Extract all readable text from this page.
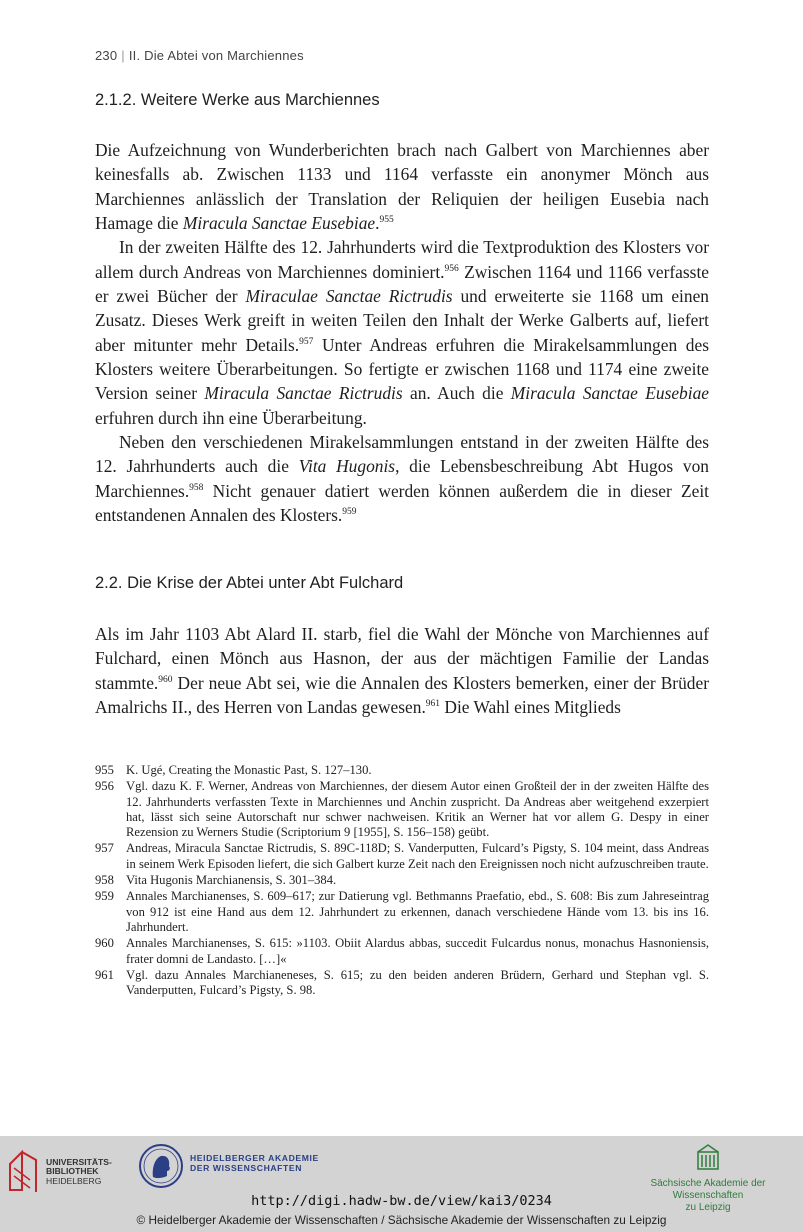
230 | II. Die Abtei von Marchiennes
2.1.2. Weitere Werke aus Marchiennes

Die Aufzeichnung von Wunderberichten brach nach Galbert von Marchiennes aber keinesfalls ab. Zwischen 1133 und 1164 verfasste ein anonymer Mönch aus Marchiennes anlässlich der Translation der Reliquien der heiligen Eusebia nach Hamage die Miracula Sanctae Eusebiae.$^{955}$

In der zweiten Hälfte des 12. Jahrhunderts wird die Textproduktion des Klosters vor allem durch Andreas von Marchiennes dominiert.$^{956}$ Zwischen 1164 und 1166 verfasste er zwei Bücher der Miraculae Sanctae Rictrudis und erweiterte sie 1168 um einen Zusatz. Dieses Werk greift in weiten Teilen den Inhalt der Werke Galberts auf, liefert aber mitunter mehr Details.$^{957}$ Unter Andreas erfuhren die Mirakelsammlungen des Klosters weitere Überarbeitungen. So fertigte er zwischen 1168 und 1174 eine zweite Version seiner Miracula Sanctae Rictrudis an. Auch die Miracula Sanctae Eusebiae erfuhren durch ihn eine Überarbeitung.

Neben den verschiedenen Mirakelsammlungen entstand in der zweiten Hälfte des 12. Jahrhunderts auch die Vita Hugonis, die Lebensbeschreibung Abt Hugos von Marchiennes.$^{958}$ Nicht genauer datiert werden können außerdem die in dieser Zeit entstandenen Annalen des Klosters.$^{959}$

2.2. Die Krise der Abtei unter Abt Fulchard

Als im Jahr 1103 Abt Alard II. starb, fiel die Wahl der Mönche von Marchiennes auf Fulchard, einen Mönch aus Hasnon, der aus der mächtigen Familie der Landas stammte.$^{960}$ Der neue Abt sei, wie die Annalen des Klosters bemerken, einer der Brüder Amalrichs II., des Herren von Landas gewesen.$^{961}$ Die Wahl eines Mitglieds

955 K. Ugé, Creating the Monastic Past, S. 127–130.
956 Vgl. dazu K. F. Werner, Andreas von Marchiennes, der diesem Autor einen Großteil der in der zweiten Hälfte des 12. Jahrhunderts verfassten Texte in Marchiennes und Anchin zuspricht. Da Andreas aber weitgehend exzerpiert hat, lässt sich seine Autorschaft nur schwer nachweisen. Kritik an Werner hat vor allem G. Despy in einer Rezension zu Werners Studie (Scriptorium 9 [1955], S. 156–158) geübt.
957 Andreas, Miracula Sanctae Rictrudis, S. 89C-118D; S. Vanderputten, Fulcard’s Pigsty, S. 104 meint, dass Andreas in seinem Werk Episoden liefert, die sich Galbert kurze Zeit nach den Ereignissen noch nicht aufzuschreiben traute.
958 Vita Hugonis Marchianensis, S. 301–384.
959 Annales Marchianenses, S. 609–617; zur Datierung vgl. Bethmanns Praefatio, ebd., S. 608: Bis zum Jahreseintrag von 912 ist eine Hand aus dem 12. Jahrhundert zu erkennen, danach verschiedene Hände vom 13. bis ins 16. Jahrhundert.
960 Annales Marchianenses, S. 615: »1103. Obiit Alardus abbas, succedit Fulcardus nonus, monachus Hasnoniensis, frater domni de Landasto. […]«
961 Vgl. dazu Annales Marchianeneses, S. 615; zu den beiden anderen Brüdern, Gerhard und Stephan vgl. S. Vanderputten, Fulcard’s Pigsty, S. 98.
UNIVERSITÄTS-
BIBLIOTHEK
HEIDELBERG
HEIDELBERGER AKADEMIE
DER WISSENSCHAFTEN
Sächsische Akademie der Wissenschaften
zu Leipzig
http://digi.hadw-bw.de/view/kai3/0234
© Heidelberger Akademie der Wissenschaften / Sächsische Akademie der Wissenschaften zu Leipzig
